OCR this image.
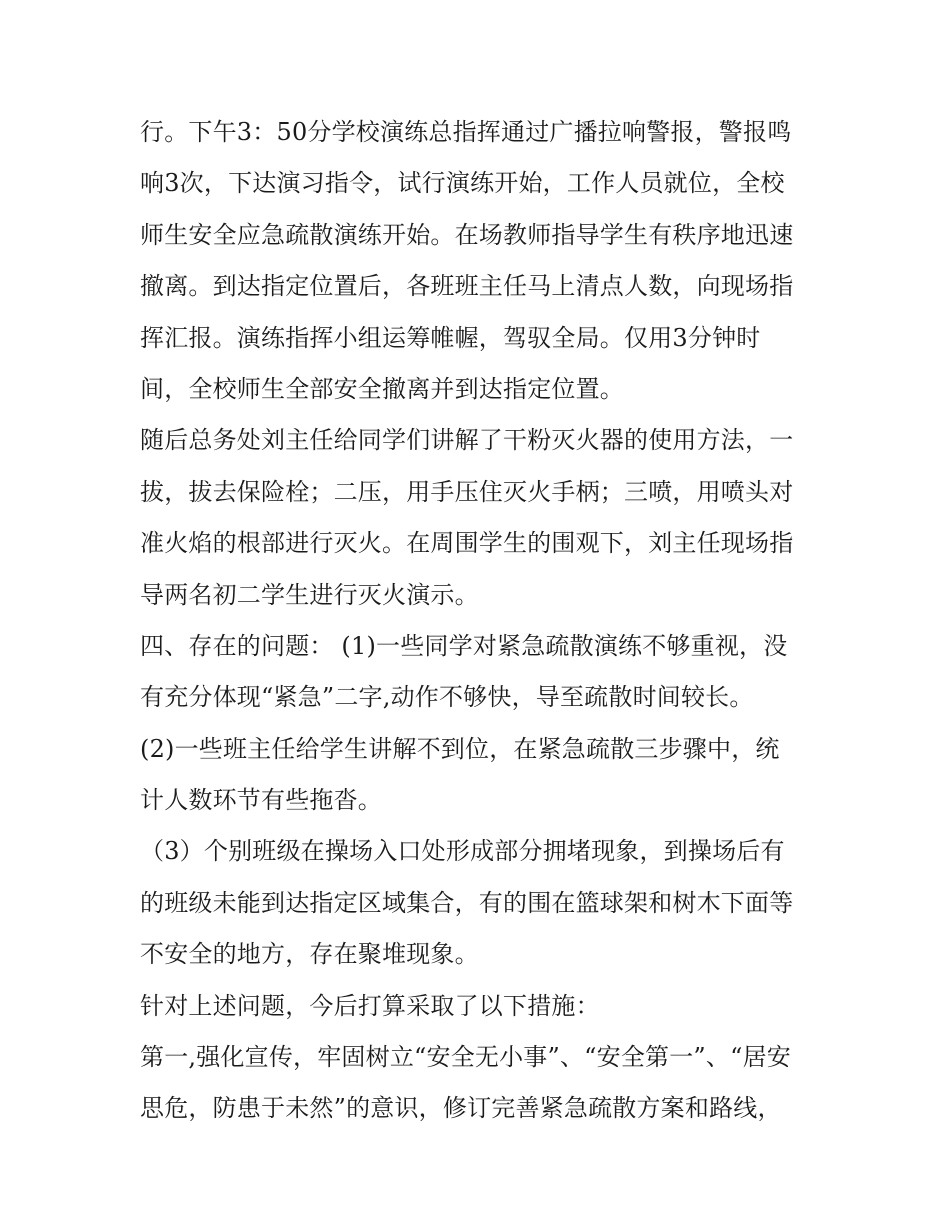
行。下午3：50分学校演练总指挥通过广播拉响警报，警报鸣
响3次，下达演习指令，试行演练开始，工作人员就位，全校
师生安全应急疏散演练开始。在场教师指导学生有秩序地迅速
撤离。到达指定位置后，各班班主任马上清点人数，向现场指
挥汇报。演练指挥小组运筹帷幄，驾驭全局。仅用3分钟时
间，全校师生全部安全撤离并到达指定位置。
随后总务处刘主任给同学们讲解了干粉灭火器的使用方法，一
拔，拔去保险栓；二压，用手压住灭火手柄；三喷，用喷头对
准火焰的根部进行灭火。在周围学生的围观下，刘主任现场指
导两名初二学生进行灭火演示。
四、存在的问题： (1)一些同学对紧急疏散演练不够重视，没
有充分体现“紧急”二字,动作不够快，导至疏散时间较长。
(2)一些班主任给学生讲解不到位，在紧急疏散三步骤中，统
计人数环节有些拖沓。
（3）个别班级在操场入口处形成部分拥堵现象，到操场后有
的班级未能到达指定区域集合，有的围在篮球架和树木下面等
不安全的地方，存在聚堆现象。
针对上述问题，今后打算采取了以下措施：
第一,强化宣传，牢固树立“安全无小事”、“安全第一”、“居安
思危，防患于未然”的意识，修订完善紧急疏散方案和路线，
